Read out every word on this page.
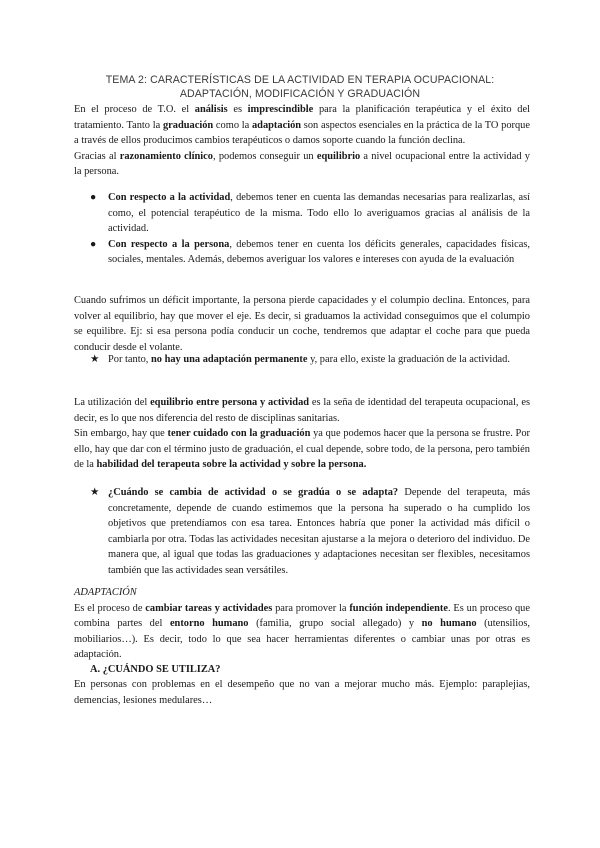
TEMA 2: CARACTERÍSTICAS DE LA ACTIVIDAD EN TERAPIA OCUPACIONAL:
ADAPTACIÓN, MODIFICACIÓN Y GRADUACIÓN

En el proceso de T.O. el análisis es imprescindible para la planificación terapéutica y el éxito del tratamiento. Tanto la graduación como la adaptación son aspectos esenciales en la práctica de la TO porque a través de ellos producimos cambios terapéuticos o damos soporte cuando la función declina.

Gracias al razonamiento clínico, podemos conseguir un equilibrio a nivel ocupacional entre la actividad y la persona.

●	Con respecto a la actividad, debemos tener en cuenta las demandas necesarias para realizarlas, así como, el potencial terapéutico de la misma. Todo ello lo averiguamos gracias al análisis de la actividad.
●	Con respecto a la persona, debemos tener en cuenta los déficits generales, capacidades físicas, sociales, mentales. Además, debemos averiguar los valores e intereses con ayuda de la evaluación

Cuando sufrimos un déficit importante, la persona pierde capacidades y el columpio declina. Entonces, para volver al equilibrio, hay que mover el eje. Es decir, si graduamos la actividad conseguimos que el columpio se equilibre. Ej: si esa persona podía conducir un coche, tendremos que adaptar el coche para que pueda conducir desde el volante.

★ Por tanto, no hay una adaptación permanente y, para ello, existe la graduación de la actividad.

La utilización del equilibrio entre persona y actividad es la seña de identidad del terapeuta ocupacional, es decir, es lo que nos diferencia del resto de disciplinas sanitarias.

Sin embargo, hay que tener cuidado con la graduación ya que podemos hacer que la persona se frustre. Por ello, hay que dar con el término justo de graduación, el cual depende, sobre todo, de la persona, pero también de la habilidad del terapeuta sobre la actividad y sobre la persona.

★ ¿Cuándo se cambia de actividad o se gradúa o se adapta? Depende del terapeuta, más concretamente, depende de cuando estimemos que la persona ha superado o ha cumplido los objetivos que pretendíamos con esa tarea. Entonces habría que poner la actividad más difícil o cambiarla por otra. Todas las actividades necesitan ajustarse a la mejora o deterioro del individuo. De manera que, al igual que todas las graduaciones y adaptaciones necesitan ser flexibles, necesitamos también que las actividades sean versátiles.

ADAPTACIÓN

Es el proceso de cambiar tareas y actividades para promover la función independiente. Es un proceso que combina partes del entorno humano (familia, grupo social allegado) y no humano (utensilios, mobiliarios…). Es decir, todo lo que sea hacer herramientas diferentes o cambiar unas por otras es adaptación.

A. ¿CUÁNDO SE UTILIZA?

En personas con problemas en el desempeño que no van a mejorar mucho más. Ejemplo: paraplejias, demencias, lesiones medulares…
